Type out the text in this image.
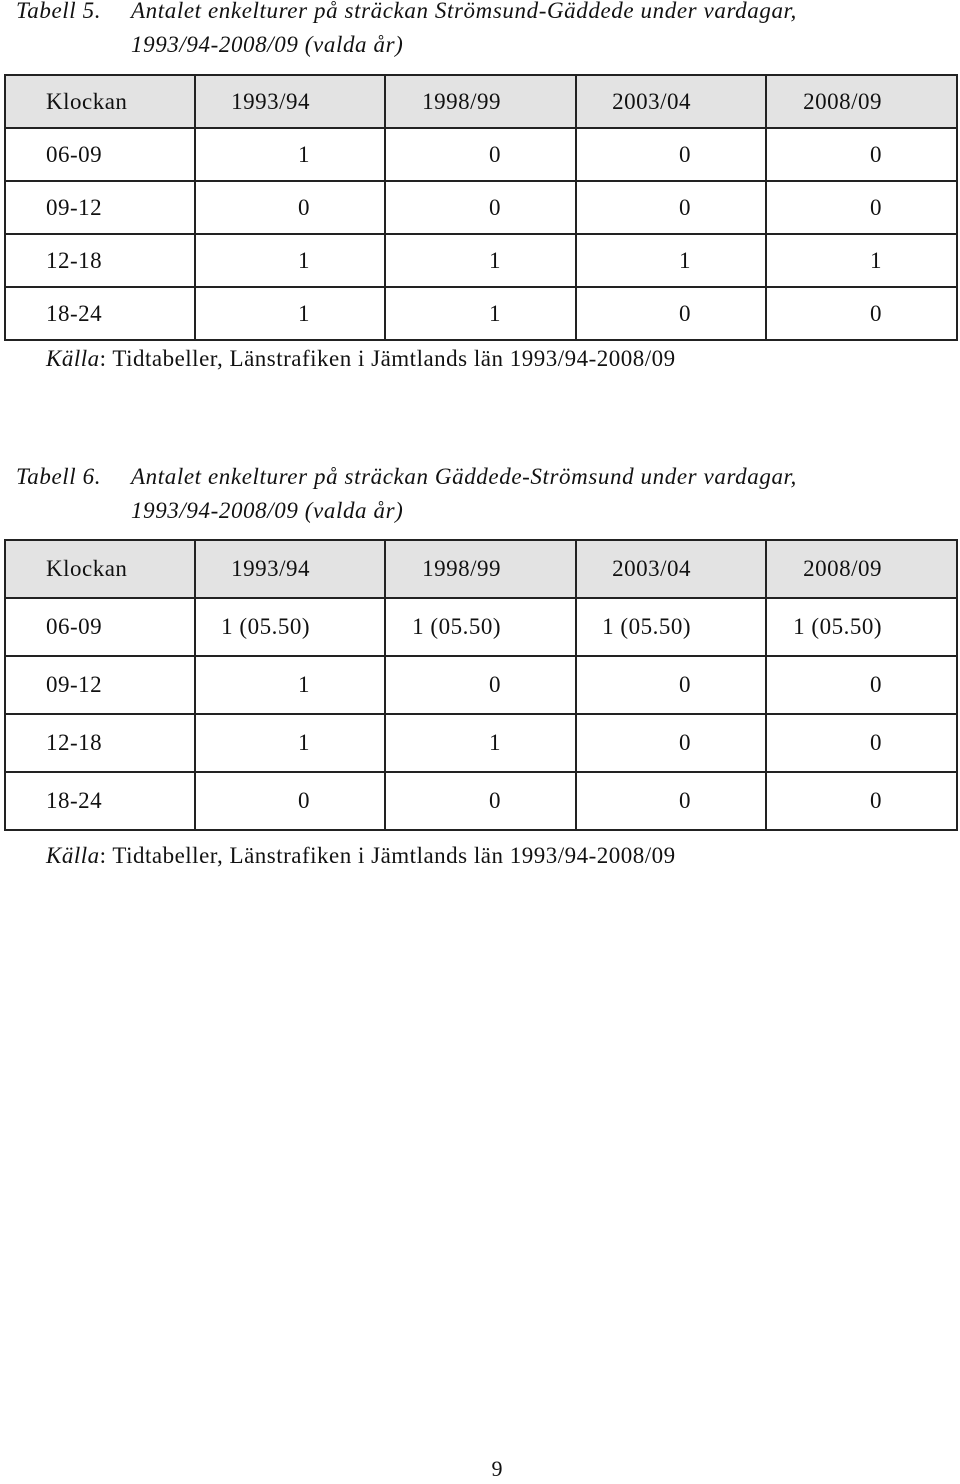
Tabell 5. Antalet enkelturer på sträckan Strömsund-Gäddede under vardagar,
1993/94-2008/09 (valda år)
Klockan	1993/94	1998/99	2003/04	2008/09
06-09	1	0	0	0
09-12	0	0	0	0
12-18	1	1	1	1
18-24	1	1	0	0
Källa: Tidtabeller, Länstrafiken i Jämtlands län 1993/94-2008/09
Tabell 6. Antalet enkelturer på sträckan Gäddede-Strömsund under vardagar,
1993/94-2008/09 (valda år)
Klockan	1993/94	1998/99	2003/04	2008/09
06-09	1 (05.50)	1 (05.50)	1 (05.50)	1 (05.50)
09-12	1	0	0	0
12-18	1	1	0	0
18-24	0	0	0	0
Källa: Tidtabeller, Länstrafiken i Jämtlands län 1993/94-2008/09
9
